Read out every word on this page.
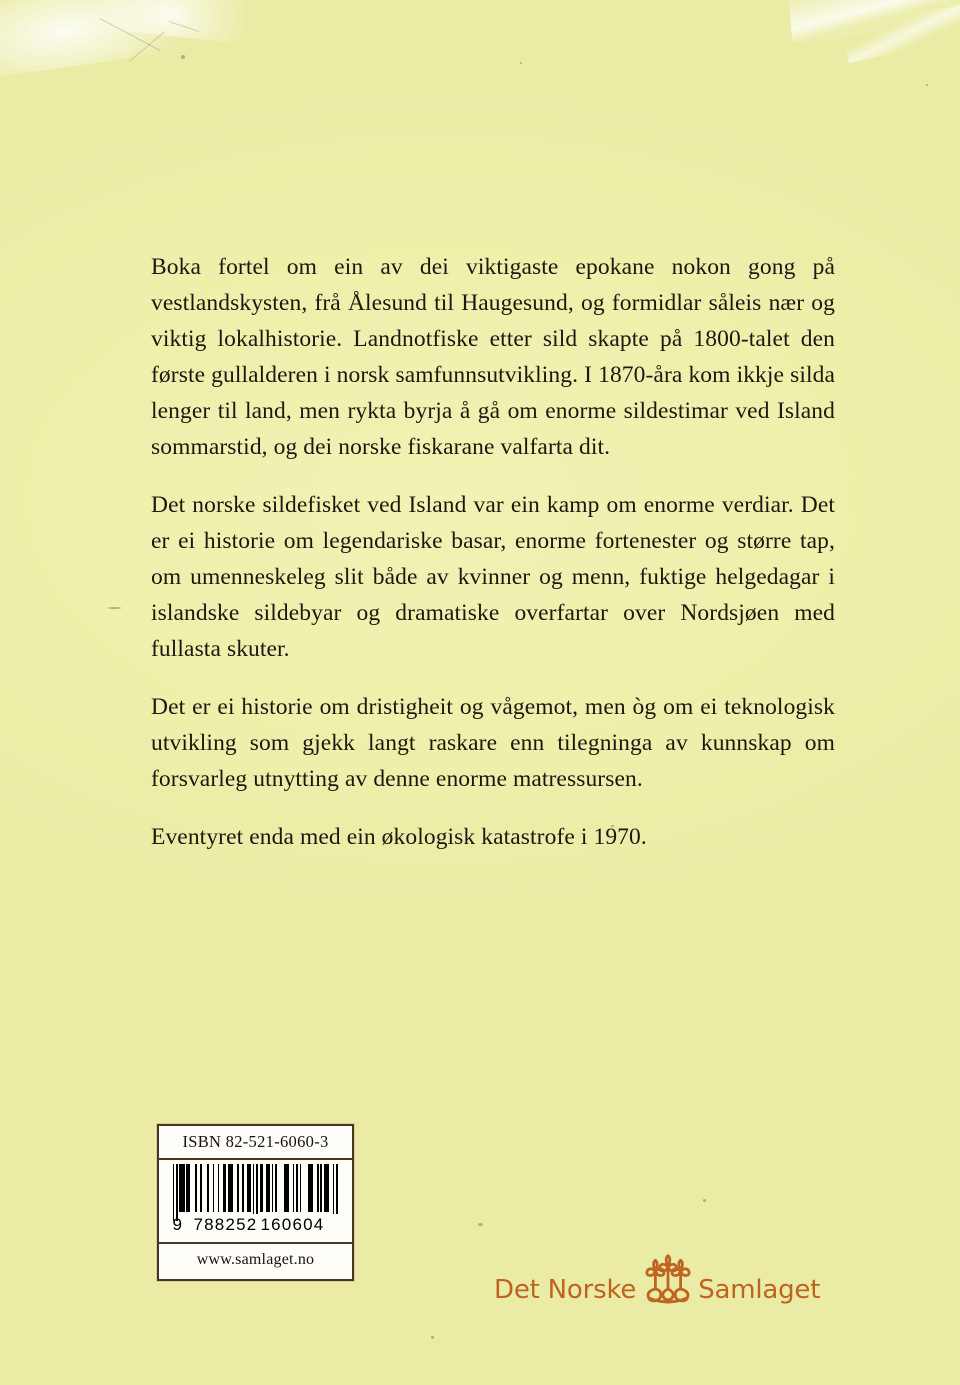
Boka fortel om ein av dei viktigaste epokane nokon gong på vestlandskysten, frå Ålesund til Haugesund, og formidlar såleis nær og viktig lokalhistorie. Landnotfiske etter sild skapte på 1800-talet den første gullalderen i norsk samfunnsutvikling. I 1870-åra kom ikkje silda lenger til land, men rykta byrja å gå om enorme sildestimar ved Island sommarstid, og dei norske fiskarane valfarta dit.

Det norske sildefisket ved Island var ein kamp om enorme verdiar. Det er ei historie om legendariske basar, enorme fortenester og større tap, om umenneskeleg slit både av kvinner og menn, fuktige helgedagar i islandske sildebyar og dramatiske overfartar over Nordsjøen med fullasta skuter.

Det er ei historie om dristigheit og vågemot, men òg om ei teknologisk utvikling som gjekk langt raskare enn tilegninga av kunnskap om forsvarleg utnytting av denne enorme matressursen.

Eventyret enda med ein økologisk katastrofe i 1970.

ISBN 82-521-6060-3
9 788252 160604
www.samlaget.no
Det Norske Samlaget
